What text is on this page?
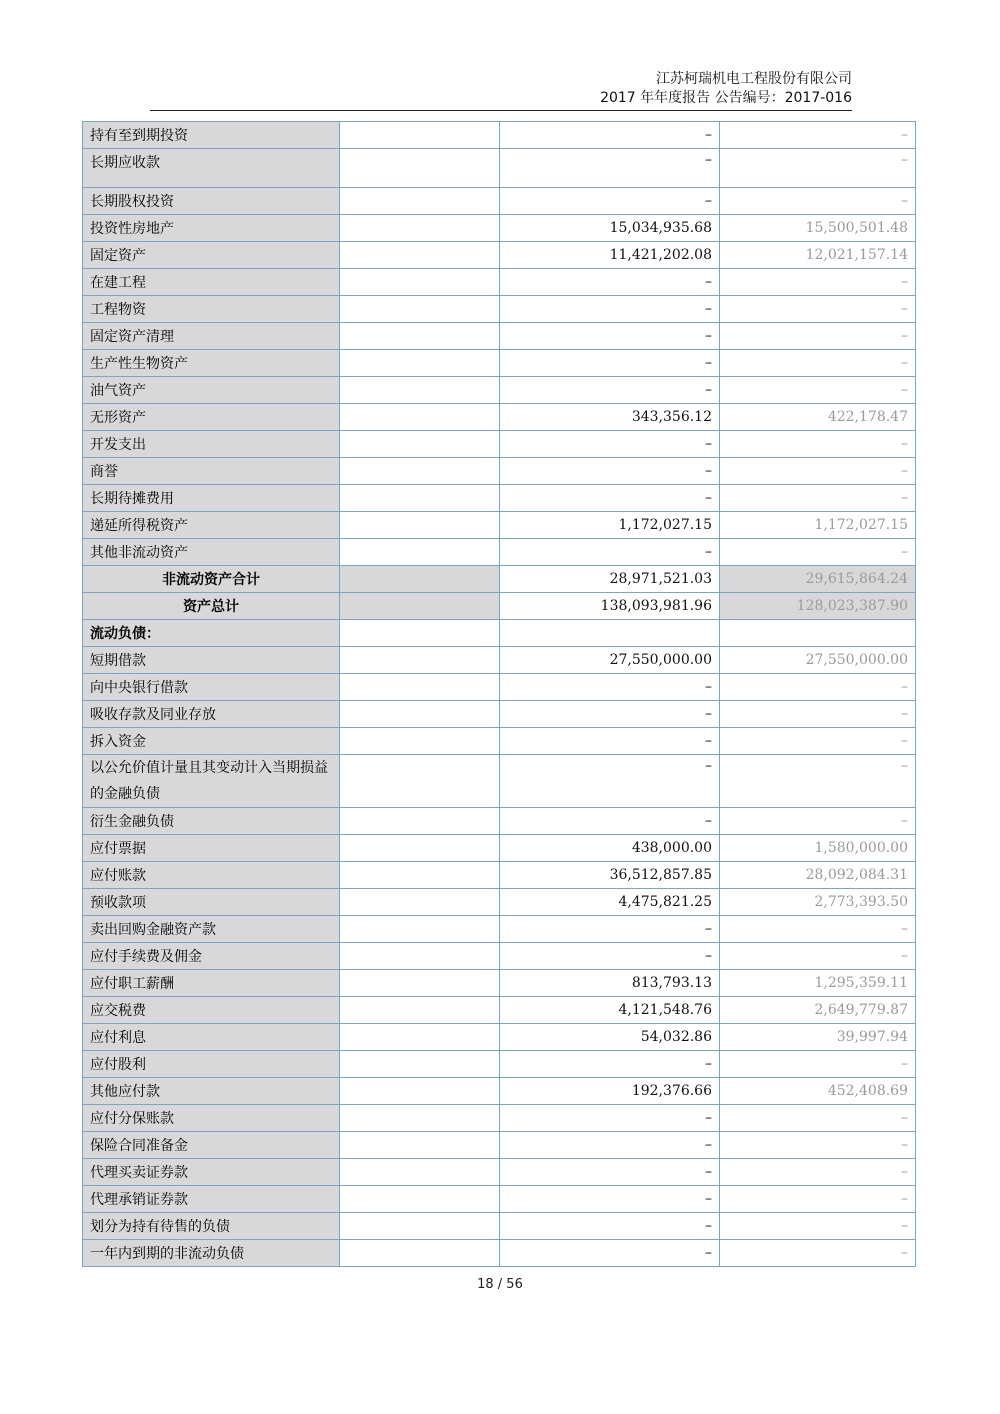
江苏柯瑞机电工程股份有限公司
2017 年年度报告 公告编号：2017-016
持有至到期投资		–	–
长期应收款		–	–
长期股权投资		–	–
投资性房地产		15,034,935.68	15,500,501.48
固定资产		11,421,202.08	12,021,157.14
在建工程		–	–
工程物资		–	–
固定资产清理		–	–
生产性生物资产		–	–
油气资产		–	–
无形资产		343,356.12	422,178.47
开发支出		–	–
商誉		–	–
长期待摊费用		–	–
递延所得税资产		1,172,027.15	1,172,027.15
其他非流动资产		–	–
非流动资产合计		28,971,521.03	29,615,864.24
资产总计		138,093,981.96	128,023,387.90
流动负债：			
短期借款		27,550,000.00	27,550,000.00
向中央银行借款		–	–
吸收存款及同业存放		–	–
拆入资金		–	–
以公允价值计量且其变动计入当期损益的金融负债		–	–
衍生金融负债		–	–
应付票据		438,000.00	1,580,000.00
应付账款		36,512,857.85	28,092,084.31
预收款项		4,475,821.25	2,773,393.50
卖出回购金融资产款		–	–
应付手续费及佣金		–	–
应付职工薪酬		813,793.13	1,295,359.11
应交税费		4,121,548.76	2,649,779.87
应付利息		54,032.86	39,997.94
应付股利		–	–
其他应付款		192,376.66	452,408.69
应付分保账款		–	–
保险合同准备金		–	–
代理买卖证券款		–	–
代理承销证券款		–	–
划分为持有待售的负债		–	–
一年内到期的非流动负债		–	–
18 / 56
